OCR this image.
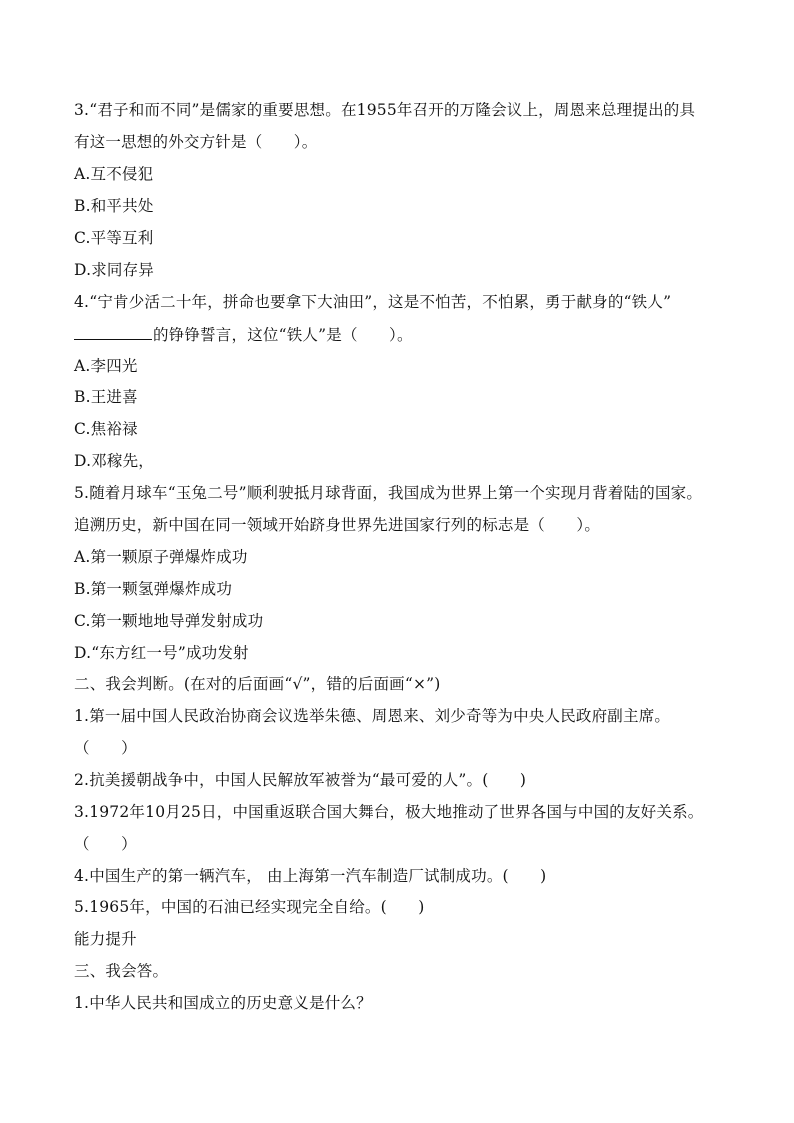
3.“君子和而不同”是儒家的重要思想。在1955年召开的万隆会议上，周恩来总理提出的具
有这一思想的外交方针是（　　）。
A.互不侵犯
B.和平共处
C.平等互利
D.求同存异
4.“宁肯少活二十年，拼命也要拿下大油田”，这是不怕苦，不怕累，勇于献身的“铁人”
的铮铮誓言，这位“铁人”是（　　）。
A.李四光
B.王进喜
C.焦裕禄
D.邓稼先，
5.随着月球车“玉兔二号”顺利驶抵月球背面，我国成为世界上第一个实现月背着陆的国家。
追溯历史，新中国在同一领域开始跻身世界先进国家行列的标志是（　　）。
A.第一颗原子弹爆炸成功
B.第一颗氢弹爆炸成功
C.第一颗地地导弹发射成功
D.“东方红一号”成功发射
二、我会判断。(在对的后面画“√”，错的后面画“×”)
1.第一届中国人民政治协商会议选举朱德、周恩来、刘少奇等为中央人民政府副主席。
（　　）
2.抗美援朝战争中，中国人民解放军被誉为“最可爱的人”。(　　)
3.1972年10月25日，中国重返联合国大舞台，极大地推动了世界各国与中国的友好关系。
（　　）
4.中国生产的第一辆汽车， 由上海第一汽车制造厂试制成功。(　　)
5.1965年，中国的石油已经实现完全自给。(　　)
能力提升
三、我会答。
1.中华人民共和国成立的历史意义是什么？
